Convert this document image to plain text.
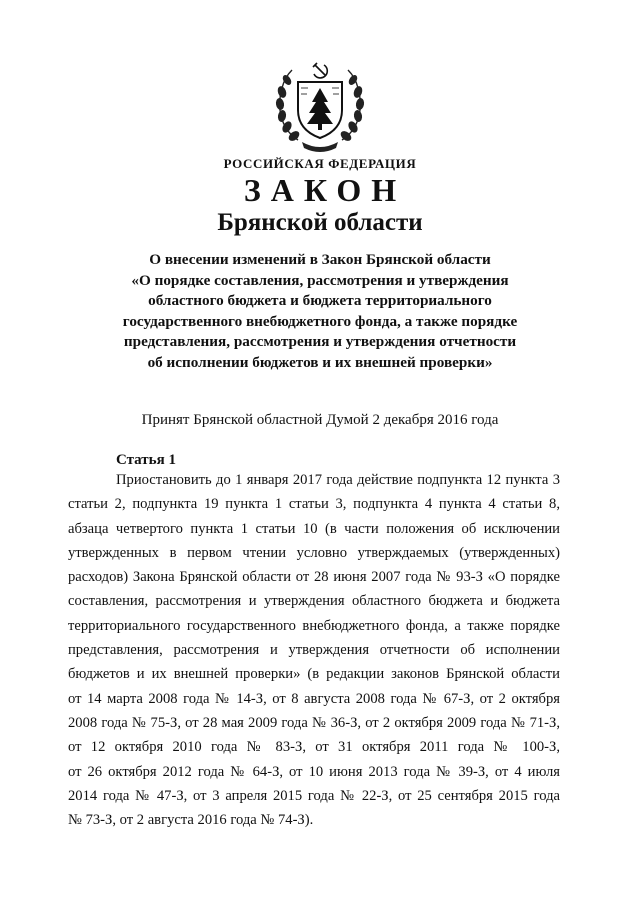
РОССИЙСКАЯ ФЕДЕРАЦИЯ
ЗАКОН
Брянской области
О внесении изменений в Закон Брянской области
«О порядке составления, рассмотрения и утверждения
областного бюджета и бюджета территориального
государственного внебюджетного фонда, а также порядке
представления, рассмотрения и утверждения отчетности
об исполнении бюджетов и их внешней проверки»
Принят Брянской областной Думой 2 декабря 2016 года
Статья 1
Приостановить до 1 января 2017 года действие подпункта 12 пункта 3
статьи 2, подпункта 19 пункта 1 статьи 3, подпункта 4 пункта 4 статьи 8,
абзаца четвертого пункта 1 статьи 10 (в части положения об исключении
утвержденных в первом чтении условно утверждаемых (утвержденных)
расходов) Закона Брянской области от 28 июня 2007 года № 93-З «О порядке
составления, рассмотрения и утверждения областного бюджета и бюджета
территориального государственного внебюджетного фонда, а также порядке
представления, рассмотрения и утверждения отчетности об исполнении
бюджетов и их внешней проверки» (в редакции законов Брянской области
от 14 марта 2008 года № 14-З, от 8 августа 2008 года № 67-З, от 2 октября
2008 года № 75-З, от 28 мая 2009 года № 36-З, от 2 октября 2009 года № 71-З,
от 12 октября 2010 года № 83-З, от 31 октября 2011 года № 100-З,
от 26 октября 2012 года № 64-З, от 10 июня 2013 года № 39-З, от 4 июля
2014 года № 47-З, от 3 апреля 2015 года № 22-З, от 25 сентября 2015 года
№ 73-З, от 2 августа 2016 года № 74-З).
